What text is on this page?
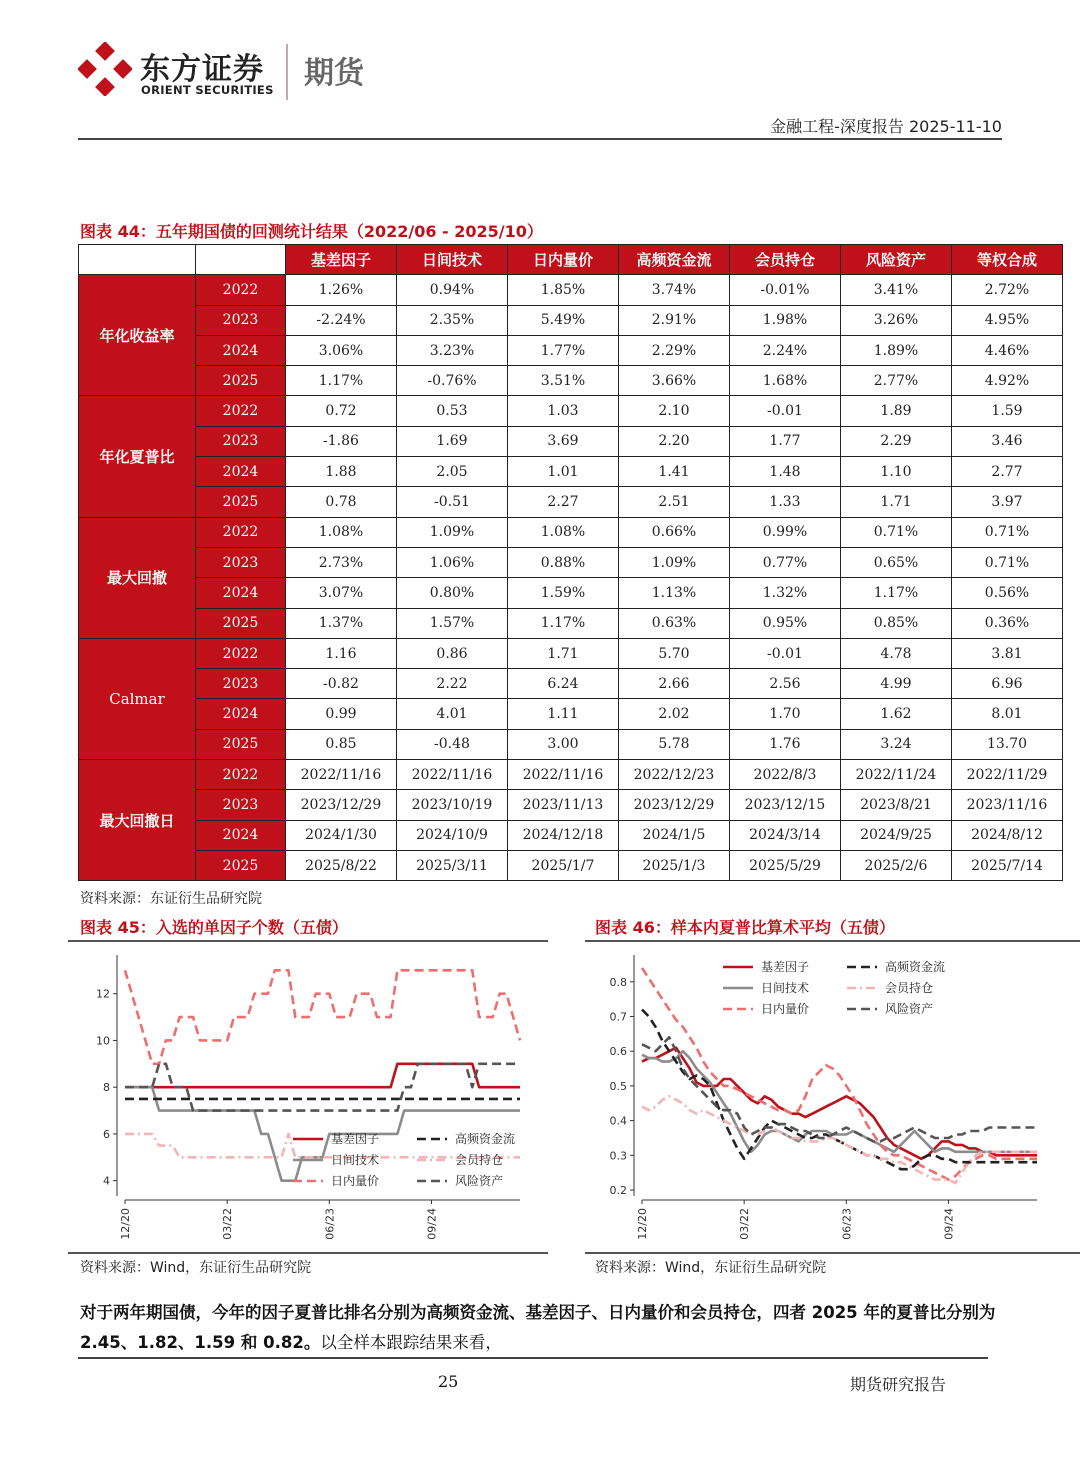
东方证券
ORIENT SECURITIES 期货
金融工程-深度报告 2025-11-10
图表 44：五年期国债的回测统计结果（2022/06 - 2025/10）
		基差因子	日间技术	日内量价	高频资金流	会员持仓	风险资产	等权合成
年化收益率	2022	1.26%	0.94%	1.85%	3.74%	-0.01%	3.41%	2.72%
	2023	-2.24%	2.35%	5.49%	2.91%	1.98%	3.26%	4.95%
	2024	3.06%	3.23%	1.77%	2.29%	2.24%	1.89%	4.46%
	2025	1.17%	-0.76%	3.51%	3.66%	1.68%	2.77%	4.92%
年化夏普比	2022	0.72	0.53	1.03	2.10	-0.01	1.89	1.59
	2023	-1.86	1.69	3.69	2.20	1.77	2.29	3.46
	2024	1.88	2.05	1.01	1.41	1.48	1.10	2.77
	2025	0.78	-0.51	2.27	2.51	1.33	1.71	3.97
最大回撤	2022	1.08%	1.09%	1.08%	0.66%	0.99%	0.71%	0.71%
	2023	2.73%	1.06%	0.88%	1.09%	0.77%	0.65%	0.71%
	2024	3.07%	0.80%	1.59%	1.13%	1.32%	1.17%	0.56%
	2025	1.37%	1.57%	1.17%	0.63%	0.95%	0.85%	0.36%
Calmar	2022	1.16	0.86	1.71	5.70	-0.01	4.78	3.81
	2023	-0.82	2.22	6.24	2.66	2.56	4.99	6.96
	2024	0.99	4.01	1.11	2.02	1.70	1.62	8.01
	2025	0.85	-0.48	3.00	5.78	1.76	3.24	13.70
最大回撤日	2022	2022/11/16	2022/11/16	2022/11/16	2022/12/23	2022/8/3	2022/11/24	2022/11/29
	2023	2023/12/29	2023/10/19	2023/11/13	2023/12/29	2023/12/15	2023/8/21	2023/11/16
	2024	2024/1/30	2024/10/9	2024/12/18	2024/1/5	2024/3/14	2024/9/25	2024/8/12
	2025	2025/8/22	2025/3/11	2025/1/7	2025/1/3	2025/5/29	2025/2/6	2025/7/14
资料来源：东证衍生品研究院
图表 45：入选的单因子个数（五债）
4
6
8
10
12
12/20	03/22	06/23	09/24
基差因子	高频资金流
日间技术	会员持仓
日内量价	风险资产
资料来源：Wind，东证衍生品研究院
图表 46：样本内夏普比算术平均（五债）
0.2
0.3
0.4
0.5
0.6
0.7
0.8
12/20	03/22	06/23	09/24
基差因子	高频资金流
日间技术	会员持仓
日内量价	风险资产
资料来源：Wind，东证衍生品研究院
对于两年期国债，今年的因子夏普比排名分别为高频资金流、基差因子、日内量价和会员持仓，四者 2025 年的夏普比分别为 2.45、1.82、1.59 和 0.82。以全样本跟踪结果来看，
25	期货研究报告
